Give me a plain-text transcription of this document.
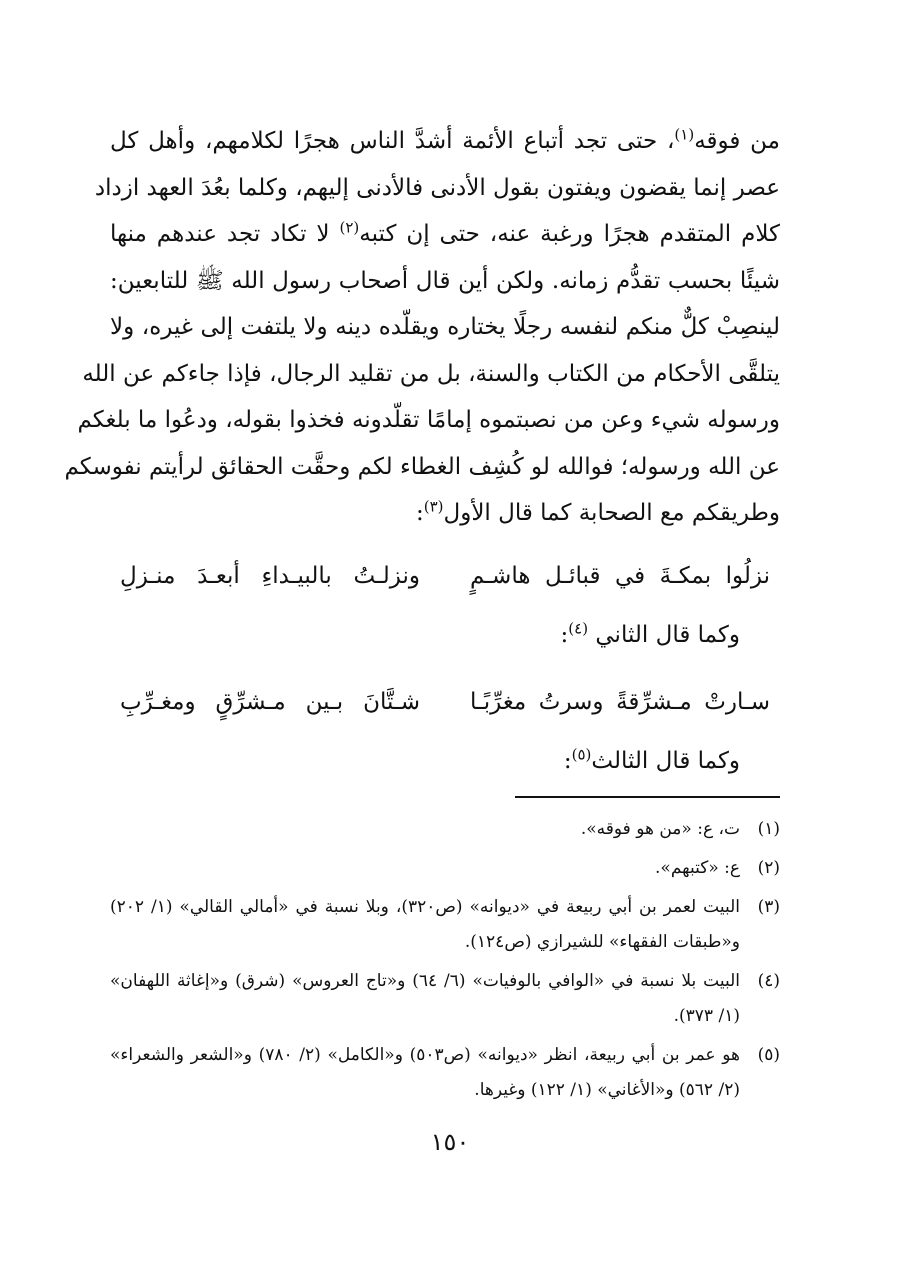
من فوقه$^{(١)}$، حتى تجد أتباع الأئمة أشدَّ الناس هجرًا لكلامهم، وأهل كل
عصر إنما يقضون ويفتون بقول الأدنى فالأدنى إليهم، وكلما بعُدَ العهد ازداد
كلام المتقدم هجرًا ورغبة عنه، حتى إن كتبه$^{(٢)}$ لا تكاد تجد عندهم منها
شيئًا بحسب تقدُّم زمانه. ولكن أين قال أصحاب رسول الله ﷺ للتابعين:
لينصِبْ كلٌّ منكم لنفسه رجلًا يختاره ويقلّده دينه ولا يلتفت إلى غيره، ولا
يتلقَّى الأحكام من الكتاب والسنة، بل من تقليد الرجال، فإذا جاءكم عن الله
ورسوله شيء وعن من نصبتموه إمامًا تقلّدونه فخذوا بقوله، ودعُوا ما بلغكم
عن الله ورسوله؛ فوالله لو كُشِف الغطاء لكم وحقَّت الحقائق لرأيتم نفوسكم
وطريقكم مع الصحابة كما قال الأول$^{(٣)}$:
نزلُوا بمكـةَ في قبائـل هاشـمٍ
ونزلـتُ بالبيـداءِ أبعـدَ منـزلِ
وكما قال الثاني $^{(٤)}$:
سـارتْ مـشرِّقةً وسرتُ مغرِّبًـا
شـتَّانَ بـين مـشرِّقٍ ومغـرِّبِ
وكما قال الثالث$^{(٥)}$:
(١)
ت، ع: «من هو فوقه».
(٢)
ع: «كتبهم».
(٣)
البيت لعمر بن أبي ربيعة في «ديوانه» (ص٣٢٠)، وبلا نسبة في «أمالي القالي» (١/ ٢٠٢) و«طبقات الفقهاء» للشيرازي (ص١٢٤).
(٤)
البيت بلا نسبة في «الوافي بالوفيات» (٦/ ٦٤) و«تاج العروس» (شرق) و«إغاثة اللهفان» (١/ ٣٧٣).
(٥)
هو عمر بن أبي ربيعة، انظر «ديوانه» (ص٥٠٣) و«الكامل» (٢/ ٧٨٠) و«الشعر والشعراء» (٢/ ٥٦٢) و«الأغاني» (١/ ١٢٢) وغيرها.
١٥٠
